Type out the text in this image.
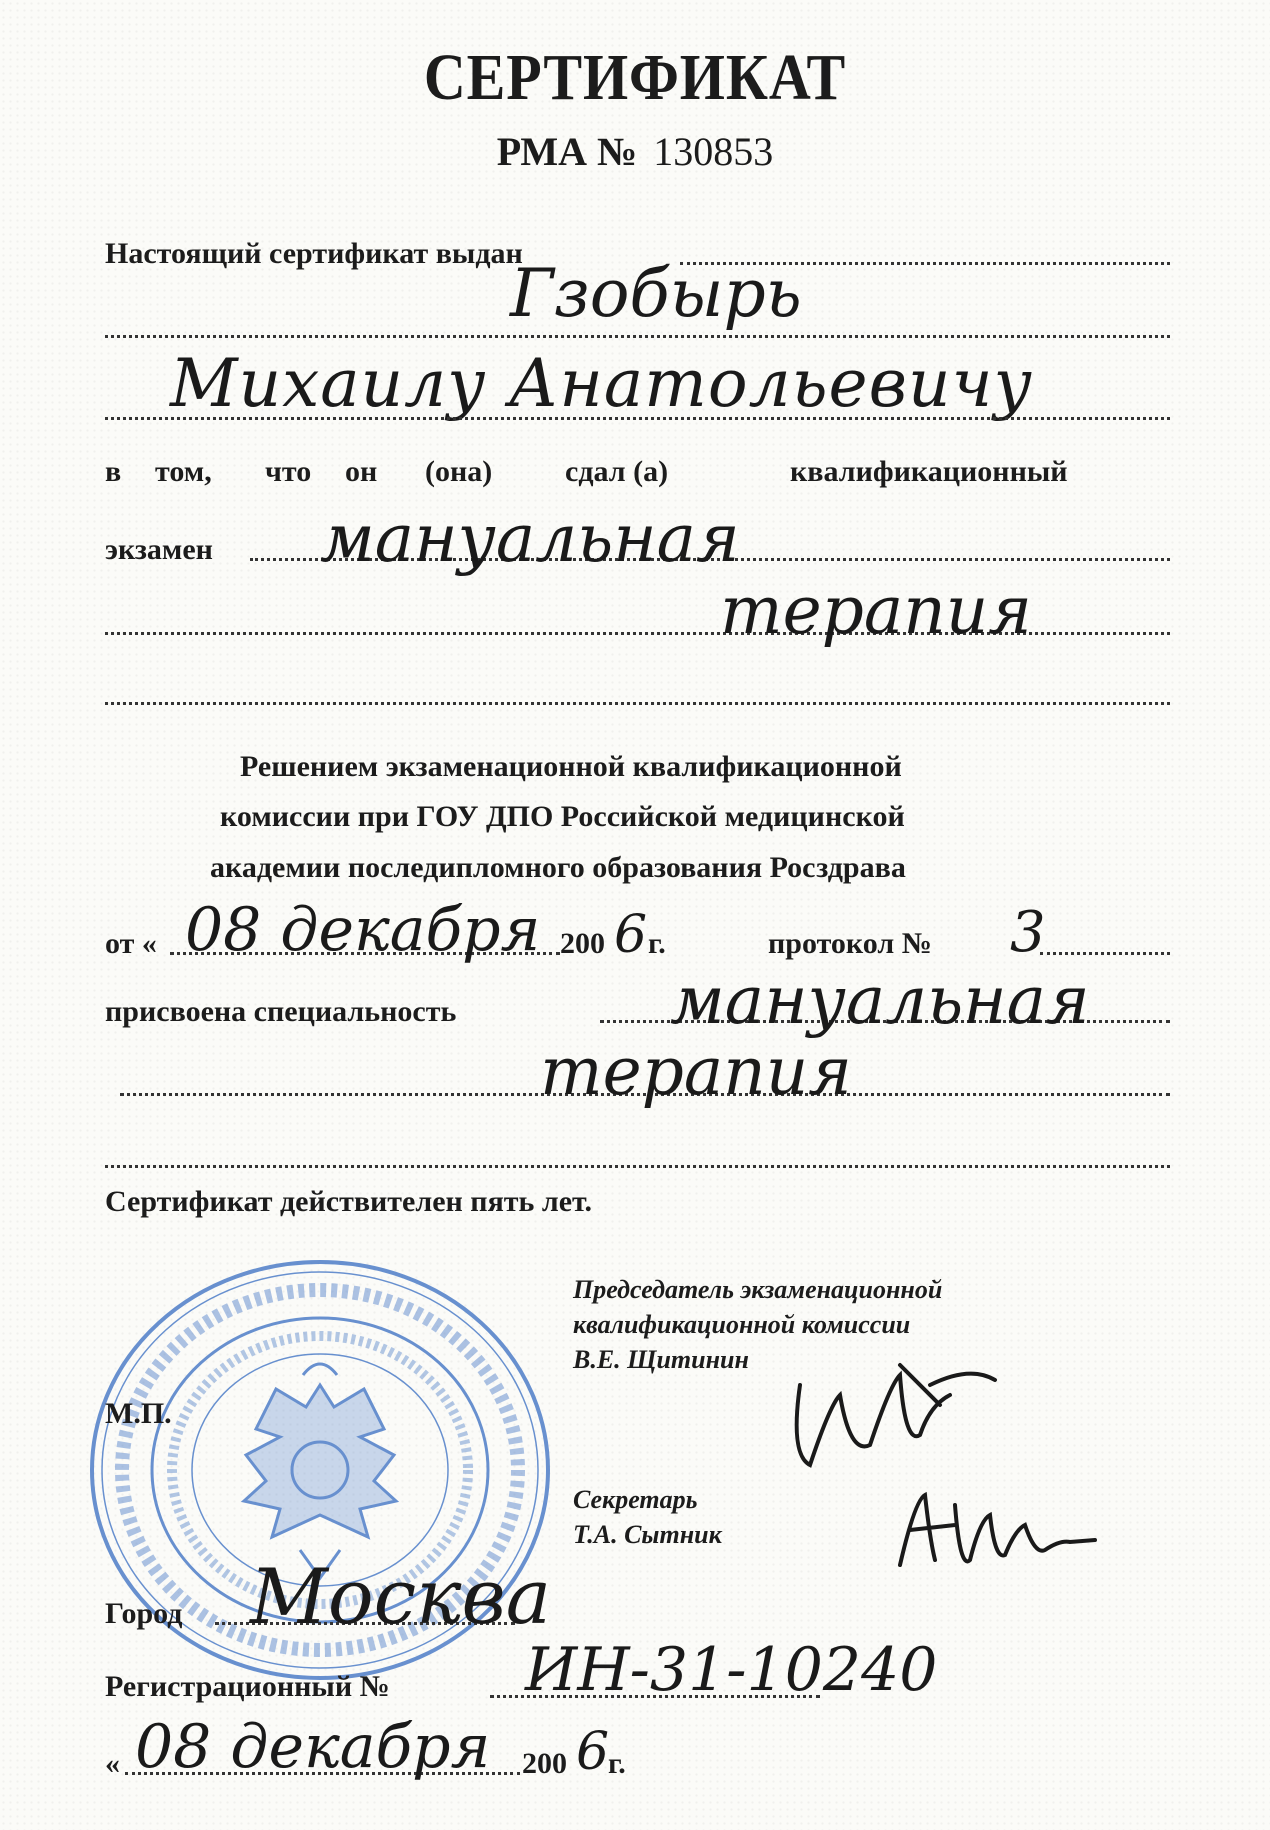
СЕРТИФИКАТ
РМА № 130853
Настоящий сертификат выдан
Гзобырь
Михаилу Анатольевичу
в том, что он (она) сдал (а)	квалификационный
экзамен мануальная
терапия
Решением экзаменационной квалификационной
комиссии при ГОУ ДПО Российской медицинской
академии последипломного образования Росздрава
от « 08 декабря 200 6 г.	протокол № 3
присвоена специальность	мануальная
терапия
Сертификат действителен пять лет.
Председатель экзаменационной
квалификационной комиссии
В.Е. Щитинин
М.П.
Секретарь
Т.А. Сытник
Город Москва
Регистрационный № ИН-31-10240
« 08 декабря 200 6
г.
